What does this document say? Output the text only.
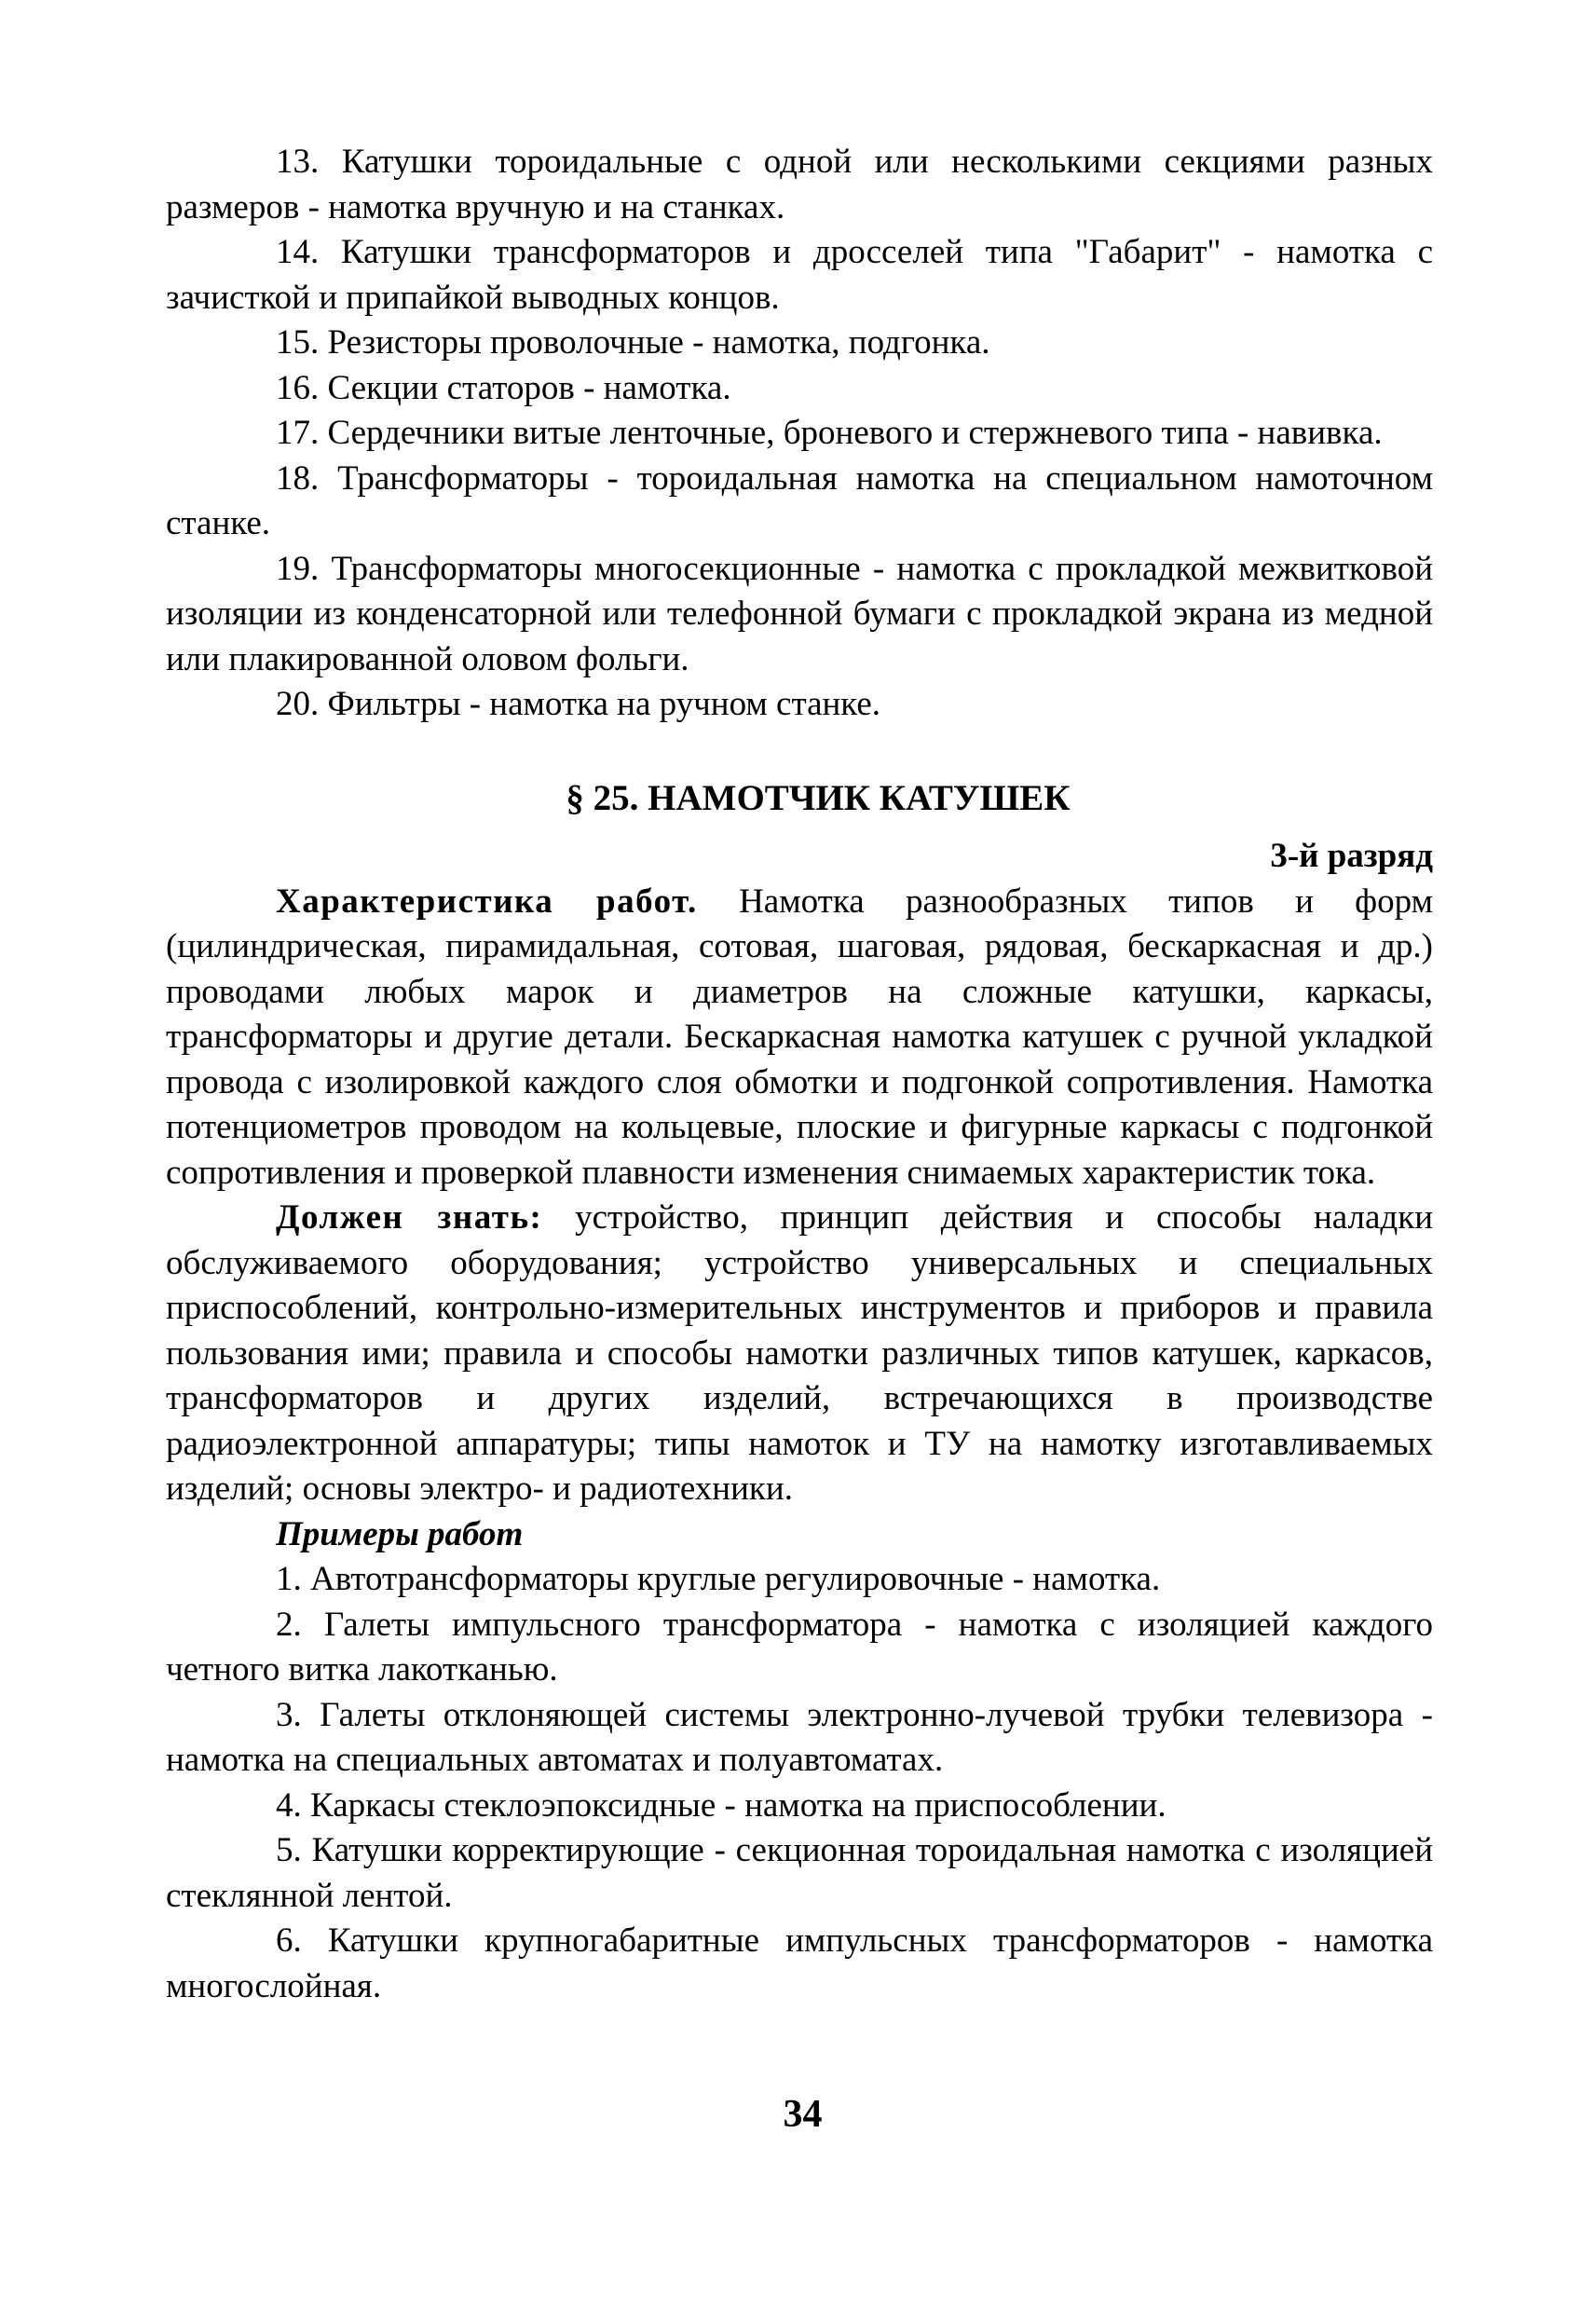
13. Катушки тороидальные с одной или несколькими секциями разных размеров - намотка вручную и на станках.

14. Катушки трансформаторов и дросселей типа "Габарит" - намотка с зачисткой и припайкой выводных концов.

15. Резисторы проволочные - намотка, подгонка.

16. Секции статоров - намотка.

17. Сердечники витые ленточные, броневого и стержневого типа - навивка.

18. Трансформаторы - тороидальная намотка на специальном намоточном станке.

19. Трансформаторы многосекционные - намотка с прокладкой межвитковой изоляции из конденсаторной или телефонной бумаги с прокладкой экрана из медной или плакированной оловом фольги.

20. Фильтры - намотка на ручном станке.

§ 25. НАМОТЧИК КАТУШЕК

3-й разряд

Характеристика работ. Намотка разнообразных типов и форм (цилиндрическая, пирамидальная, сотовая, шаговая, рядовая, бескаркасная и др.) проводами любых марок и диаметров на сложные катушки, каркасы, трансформаторы и другие детали. Бескаркасная намотка катушек с ручной укладкой провода с изолировкой каждого слоя обмотки и подгонкой сопротивления. Намотка потенциометров проводом на кольцевые, плоские и фигурные каркасы с подгонкой сопротивления и проверкой плавности изменения снимаемых характеристик тока.

Должен знать: устройство, принцип действия и способы наладки обслуживаемого оборудования; устройство универсальных и специальных приспособлений, контрольно-измерительных инструментов и приборов и правила пользования ими; правила и способы намотки различных типов катушек, каркасов, трансформаторов и других изделий, встречающихся в производстве радиоэлектронной аппаратуры; типы намоток и ТУ на намотку изготавливаемых изделий; основы электро- и радиотехники.

Примеры работ

1. Автотрансформаторы круглые регулировочные - намотка.

2. Галеты импульсного трансформатора - намотка с изоляцией каждого четного витка лакотканью.

3. Галеты отклоняющей системы электронно-лучевой трубки телевизора - намотка на специальных автоматах и полуавтоматах.

4. Каркасы стеклоэпоксидные - намотка на приспособлении.

5. Катушки корректирующие - секционная тороидальная намотка с изоляцией стеклянной лентой.

6. Катушки крупногабаритные импульсных трансформаторов - намотка многослойная.

34
